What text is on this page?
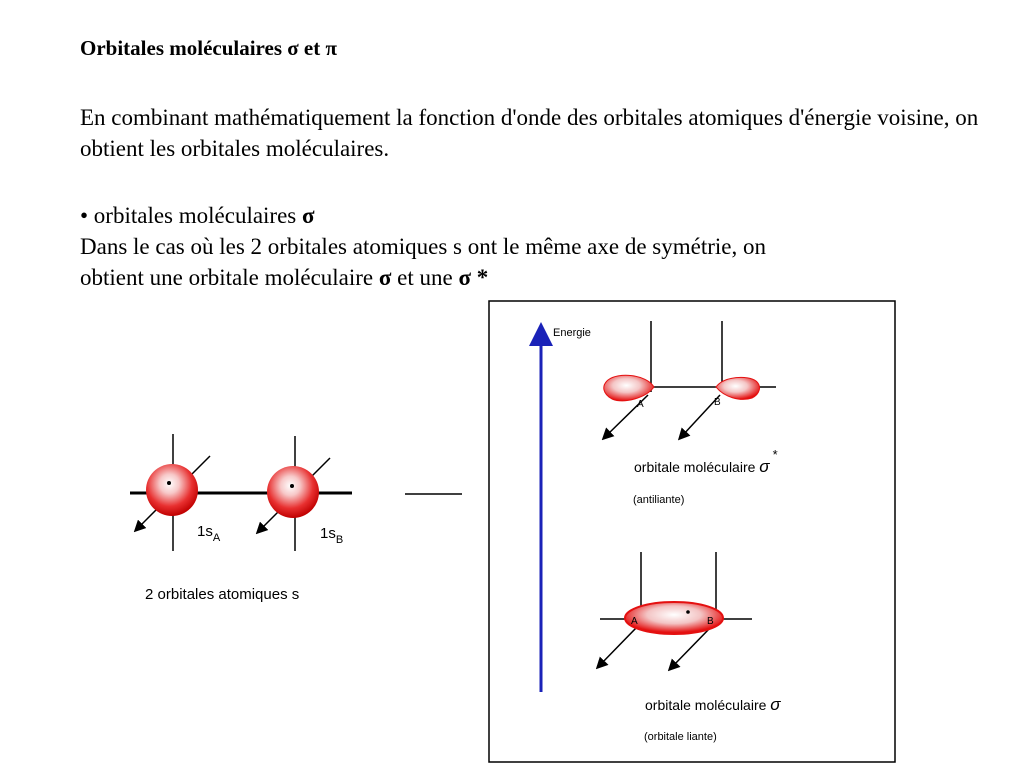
Orbitales moléculaires σ et π
En combinant mathématiquement la fonction d'onde des orbitales atomiques d'énergie voisine, on obtient les orbitales moléculaires.
• orbitales moléculaires σ
Dans le cas où les 2 orbitales atomiques s ont le même axe de symétrie, on
obtient une orbitale moléculaire σ et une σ *
$1s_A$	$1s_B$
2 orbitales atomiques s
Energie
A	B
orbitale moléculaire σ*
(antiliante)
A	B
orbitale moléculaire σ
(orbitale liante)
